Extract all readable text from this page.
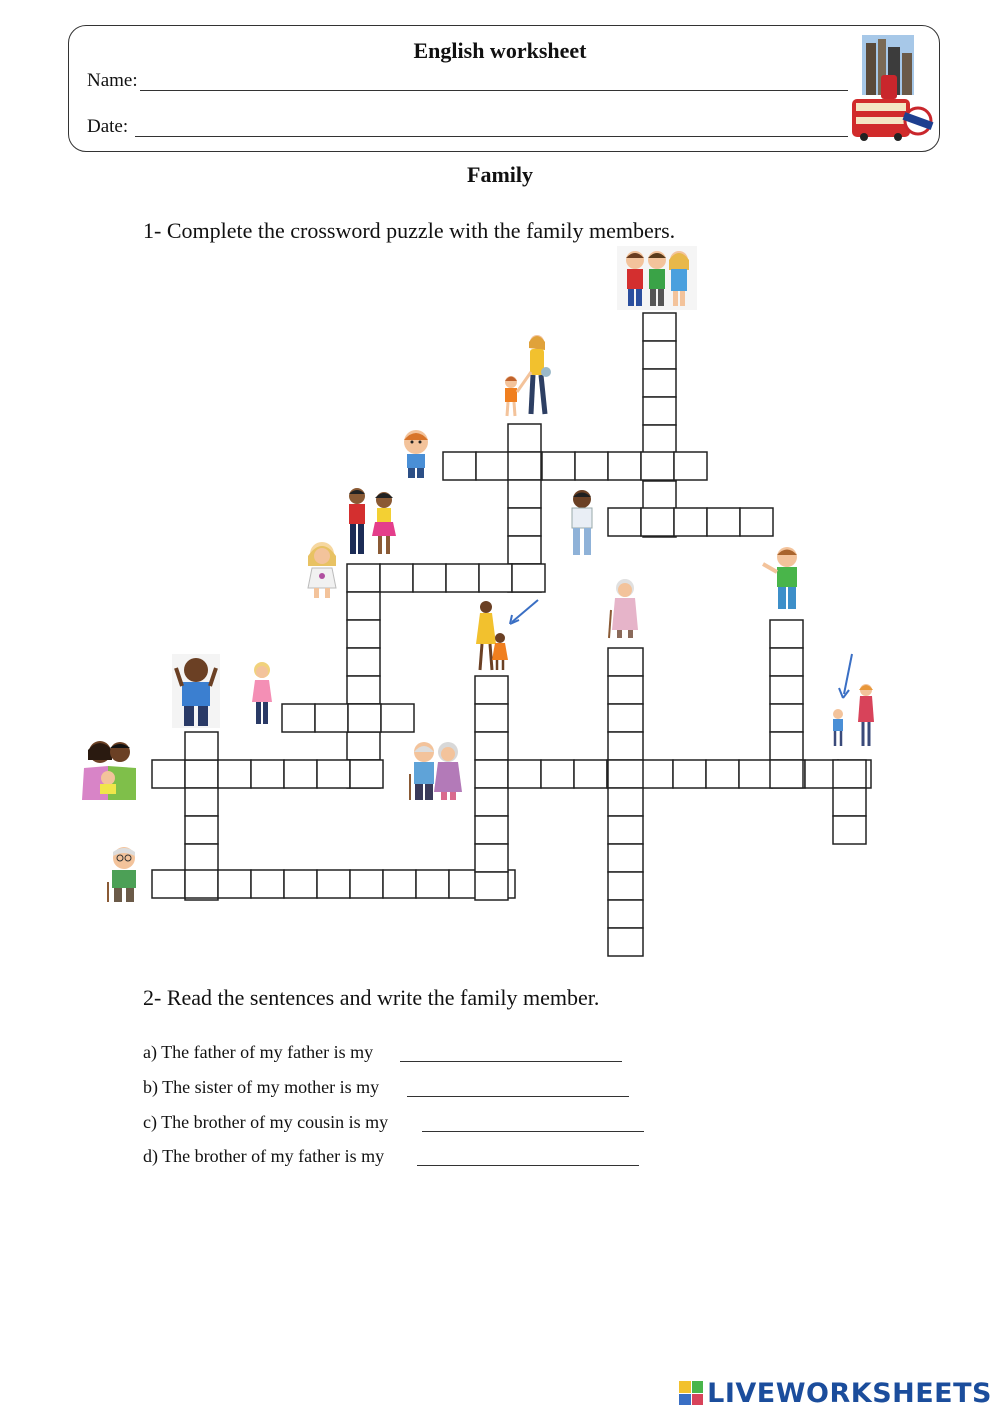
English worksheet
Name:
Date:
Family
1- Complete the crossword puzzle with the family members.
2- Read the sentences and write the family member.
a) The father of my father is my
b) The sister of my mother is my
c) The brother of my cousin is my
d) The brother of my father is my
LIVEWORKSHEETS
